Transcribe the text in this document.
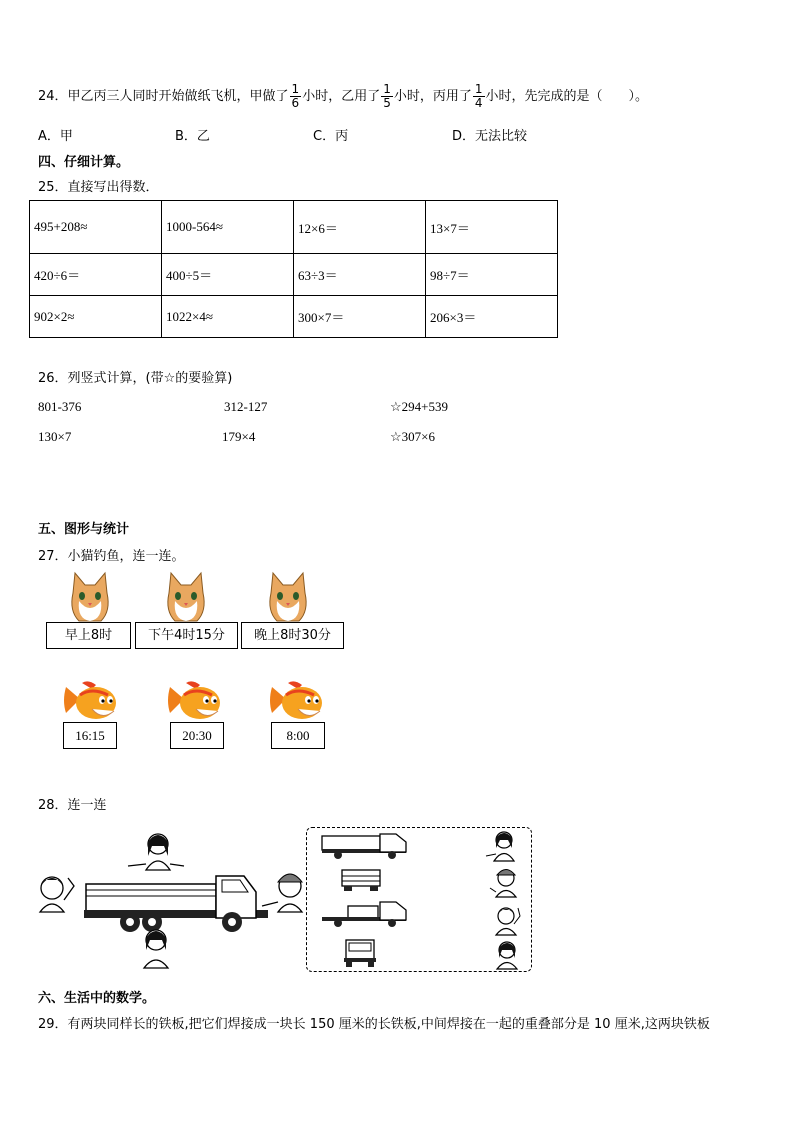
24．甲乙丙三人同时开始做纸飞机，甲做了 $\frac{1}{6}$ 小时，乙用了 $\frac{1}{5}$ 小时，丙用了 $\frac{1}{4}$ 小时，先完成的是（　　）。
A．甲	B．乙	C．丙	D．无法比较
四、仔细计算。
25．直接写出得数．
495+208≈	1000-564≈	12×6＝	13×7＝
420÷6＝	400÷5＝	63÷3＝	98÷7＝
902×2≈	1022×4≈	300×7＝	206×3＝
26．列竖式计算，(带☆的要验算)
801-376	312-127	☆294+539
130×7	179×4	☆307×6
五、图形与统计
27．小猫钓鱼，连一连。
早上8时	下午4时15分	晚上8时30分
16:15	20:30	8:00
28．连一连
六、生活中的数学。
29．有两块同样长的铁板,把它们焊接成一块长 150 厘米的长铁板,中间焊接在一起的重叠部分是 10 厘米,这两块铁板
